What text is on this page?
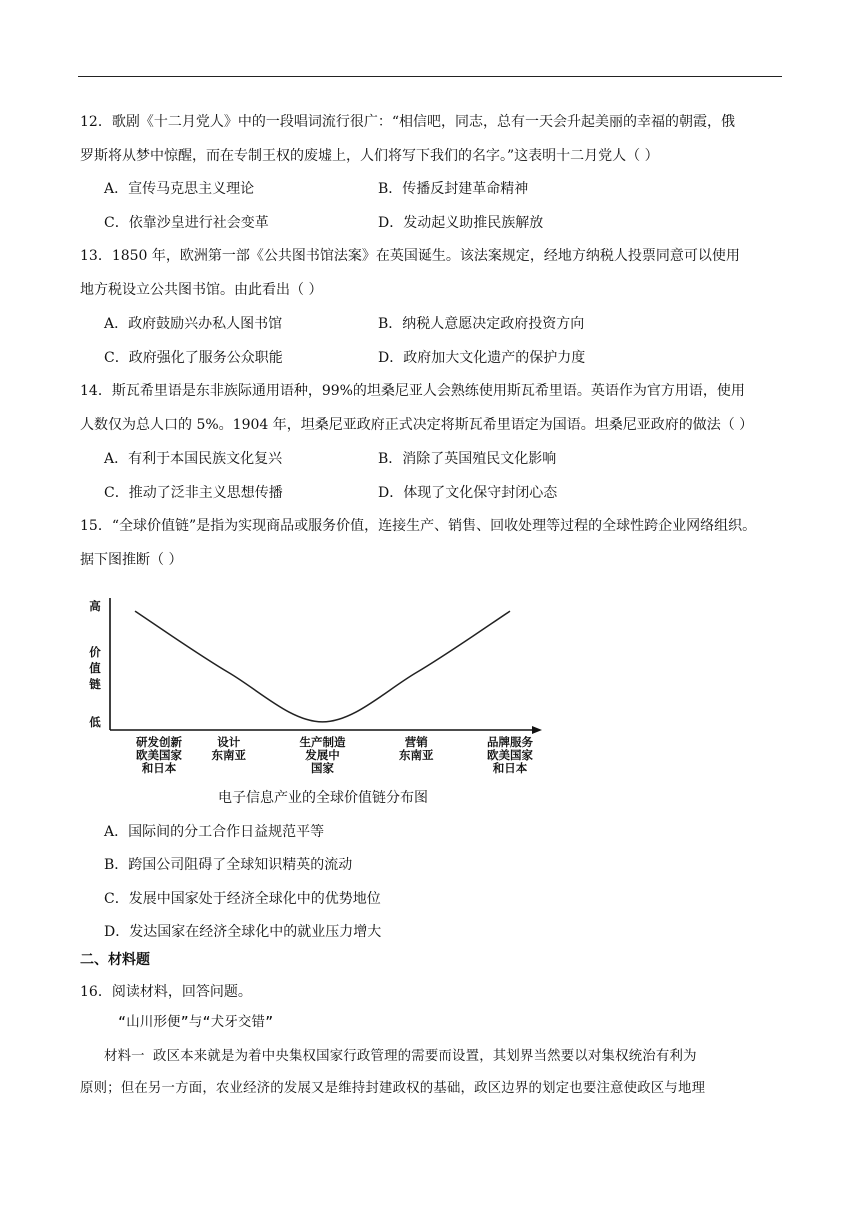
12．歌剧《十二月党人》中的一段唱词流行很广：“相信吧，同志，总有一天会升起美丽的幸福的朝霞，俄
罗斯将从梦中惊醒，而在专制王权的废墟上，人们将写下我们的名字。”这表明十二月党人（ ）
A．宣传马克思主义理论	B．传播反封建革命精神
C．依靠沙皇进行社会变革	D．发动起义助推民族解放
13．1850 年，欧洲第一部《公共图书馆法案》在英国诞生。该法案规定，经地方纳税人投票同意可以使用
地方税设立公共图书馆。由此看出（ ）
A．政府鼓励兴办私人图书馆	B．纳税人意愿决定政府投资方向
C．政府强化了服务公众职能	D．政府加大文化遗产的保护力度
14．斯瓦希里语是东非族际通用语种，99%的坦桑尼亚人会熟练使用斯瓦希里语。英语作为官方用语，使用
人数仅为总人口的 5%。1904 年，坦桑尼亚政府正式决定将斯瓦希里语定为国语。坦桑尼亚政府的做法（ ）
A．有利于本国民族文化复兴	B．消除了英国殖民文化影响
C．推动了泛非主义思想传播	D．体现了文化保守封闭心态
15．“全球价值链”是指为实现商品或服务价值，连接生产、销售、回收处理等过程的全球性跨企业网络组织。
据下图推断（ ）
高
低
价
值
链
研发创新
欧美国家
和日本
设计
东南亚
生产制造
发展中
国家
营销
东南亚
品牌服务
欧美国家
和日本
电子信息产业的全球价值链分布图
A．国际间的分工合作日益规范平等
B．跨国公司阻碍了全球知识精英的流动
C．发展中国家处于经济全球化中的优势地位
D．发达国家在经济全球化中的就业压力增大
二、材料题
16．阅读材料，回答问题。
“山川形便”与“犬牙交错”
材料一 政区本来就是为着中央集权国家行政管理的需要而设置，其划界当然要以对集权统治有利为
原则；但在另一方面，农业经济的发展又是维持封建政权的基础，政区边界的划定也要注意使政区与地理
